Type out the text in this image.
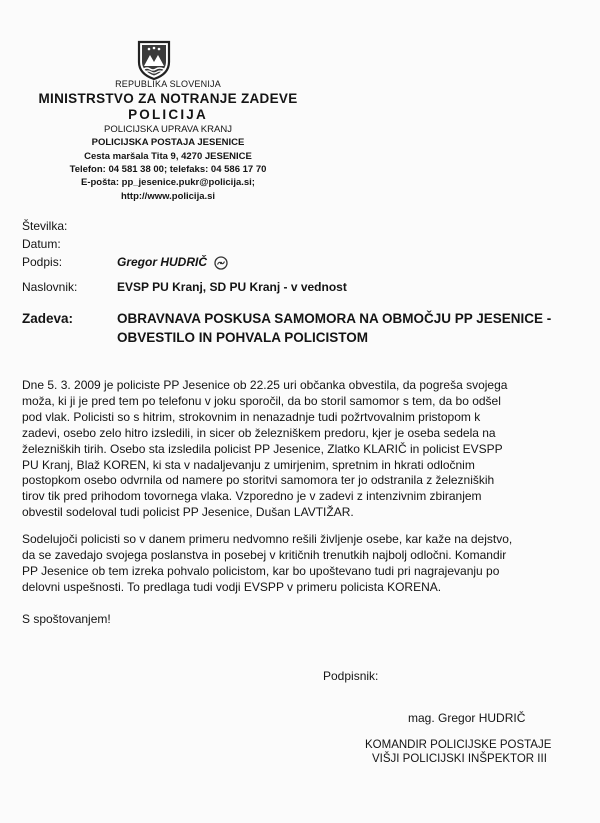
REPUBLIKA SLOVENIJA
MINISTRSTVO ZA NOTRANJE ZADEVE
POLICIJA
POLICIJSKA UPRAVA KRANJ
POLICIJSKA POSTAJA JESENICE
Cesta maršala Tita 9, 4270 JESENICE
Telefon: 04 581 38 00; telefaks: 04 586 17 70
E-pošta: pp_jesenice.pukr@policija.si;
http://www.policija.si
Številka:
Datum:
Podpis:	Gregor HUDRIČ
Naslovnik:	EVSP PU Kranj, SD PU Kranj - v vednost
Zadeva:	OBRAVNAVA POSKUSA SAMOMORA NA OBMOČJU PP JESENICE -
OBVESTILO IN POHVALA POLICISTOM
Dne 5. 3. 2009 je policiste PP Jesenice ob 22.25 uri občanka obvestila, da pogreša svojega
moža, ki ji je pred tem po telefonu v joku sporočil, da bo storil samomor s tem, da bo odšel
pod vlak. Policisti so s hitrim, strokovnim in nenazadnje tudi požrtvovalnim pristopom k
zadevi, osebo zelo hitro izsledili, in sicer ob železniškem predoru, kjer je oseba sedela na
železniških tirih. Osebo sta izsledila policist PP Jesenice, Zlatko KLARIČ in policist EVSPP
PU Kranj, Blaž KOREN, ki sta v nadaljevanju z umirjenim, spretnim in hkrati odločnim
postopkom osebo odvrnila od namere po storitvi samomora ter jo odstranila z železniških
tirov tik pred prihodom tovornega vlaka. Vzporedno je v zadevi z intenzivnim zbiranjem
obvestil sodeloval tudi policist PP Jesenice, Dušan LAVTIŽAR.
Sodelujoči policisti so v danem primeru nedvomno rešili življenje osebe, kar kaže na dejstvo,
da se zavedajo svojega poslanstva in posebej v kritičnih trenutkih najbolj odločni. Komandir
PP Jesenice ob tem izreka pohvalo policistom, kar bo upoštevano tudi pri nagrajevanju po
delovni uspešnosti. To predlaga tudi vodji EVSPP v primeru policista KORENA.
S spoštovanjem!
Podpisnik:
mag. Gregor HUDRIČ
KOMANDIR POLICIJSKE POSTAJE
VIŠJI POLICIJSKI INŠPEKTOR III
